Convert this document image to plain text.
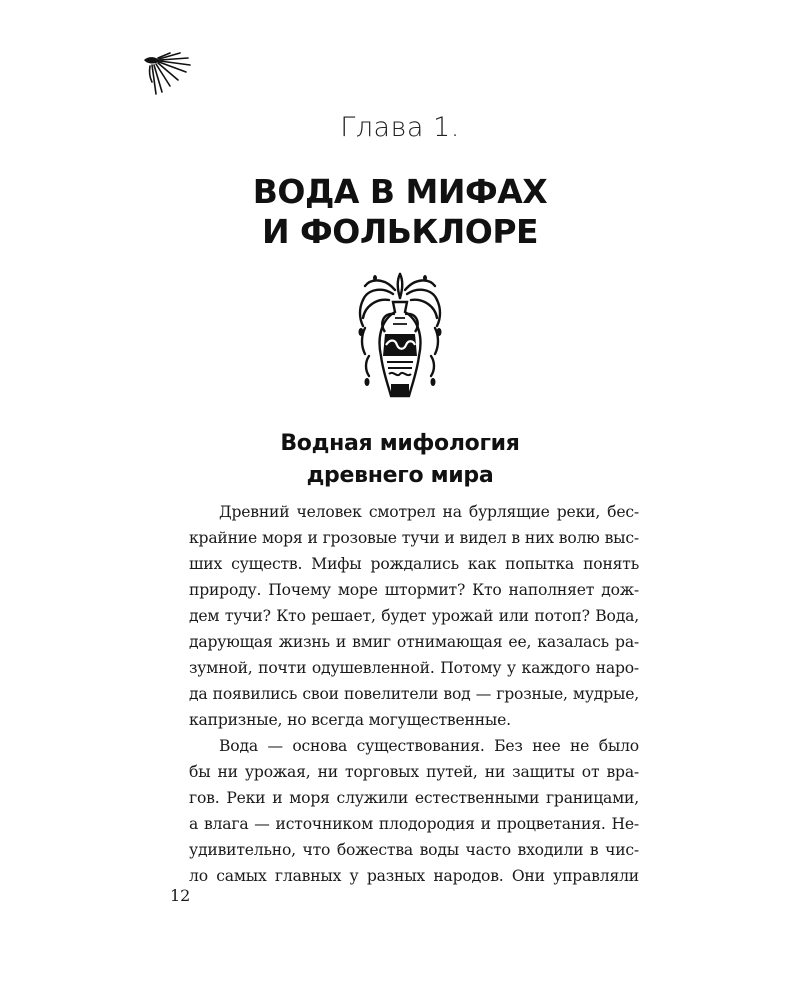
Глава 1.
ВОДА В МИФАХ
И ФОЛЬКЛОРЕ
Водная мифология
древнего мира
Древний человек смотрел на бурлящие реки, бес-
крайние моря и грозовые тучи и видел в них волю выс-
ших существ. Мифы рождались как попытка понять
природу. Почему море штормит? Кто наполняет дож-
дем тучи? Кто решает, будет урожай или потоп? Вода,
дарующая жизнь и вмиг отнимающая ее, казалась ра-
зумной, почти одушевленной. Потому у каждого наро-
да появились свои повелители вод — грозные, мудрые,
капризные, но всегда могущественные.
Вода — основа существования. Без нее не было
бы ни урожая, ни торговых путей, ни защиты от вра-
гов. Реки и моря служили естественными границами,
а влага — источником плодородия и процветания. Не-
удивительно, что божества воды часто входили в чис-
ло самых главных у разных народов. Они управляли
12
